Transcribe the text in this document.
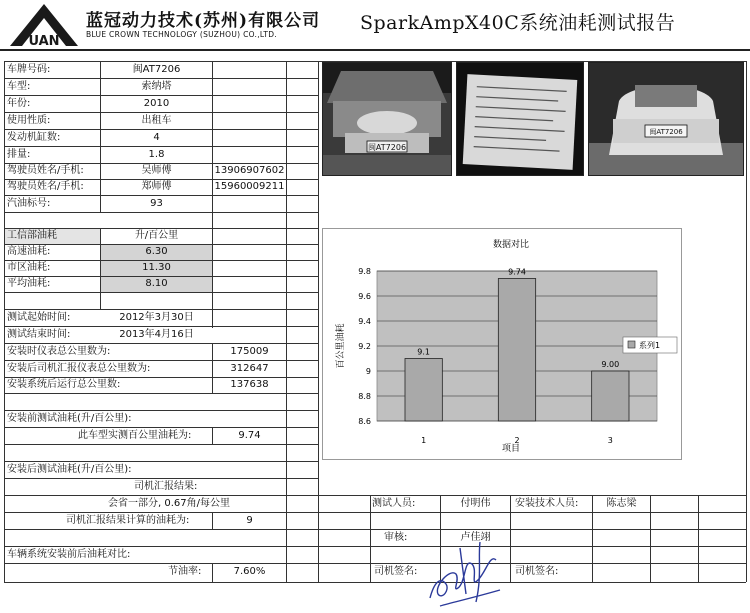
UAN
蓝冠动力技术(苏州)有限公司
BLUE CROWN TECHNOLOGY (SUZHOU) CO.,LTD.
SparkAmpX40C系统油耗测试报告
车牌号码:	闽AT7206
车型:	索纳塔
年份:	2010
使用性质:	出租车
发动机缸数:	4
排量:	1.8
驾驶员姓名/手机:	吴师傅	13906907602
驾驶员姓名/手机:	郑师傅	15960009211
汽油标号:	93
工信部油耗	升/百公里
高速油耗:	6.30
市区油耗:	11.30
平均油耗:	8.10
测试起始时间:	2012年3月30日
测试结束时间:	2013年4月16日
安装时仪表总公里数为:	175009
安装后司机汇报仪表总公里数为:	312647
安装系统后运行总公里数:	137638
安装前测试油耗(升/百公里):
此车型实测百公里油耗为:	9.74
安装后测试油耗(升/百公里):
司机汇报结果:
会省一部分, 0.67角/每公里
司机汇报结果计算的油耗为:	9
车辆系统安装前后油耗对比:
节油率:	7.60%
测试人员:	付明伟	安装技术人员:	陈志梁
审核:	卢佳翊
司机签名:	司机签名:
闽AT7206
闽AT7206
数据对比
8.6
8.8
9
9.2
9.4
9.6
9.8
9.1
9.74
9.00
1	2	3
项目
百公里油耗	系列1
